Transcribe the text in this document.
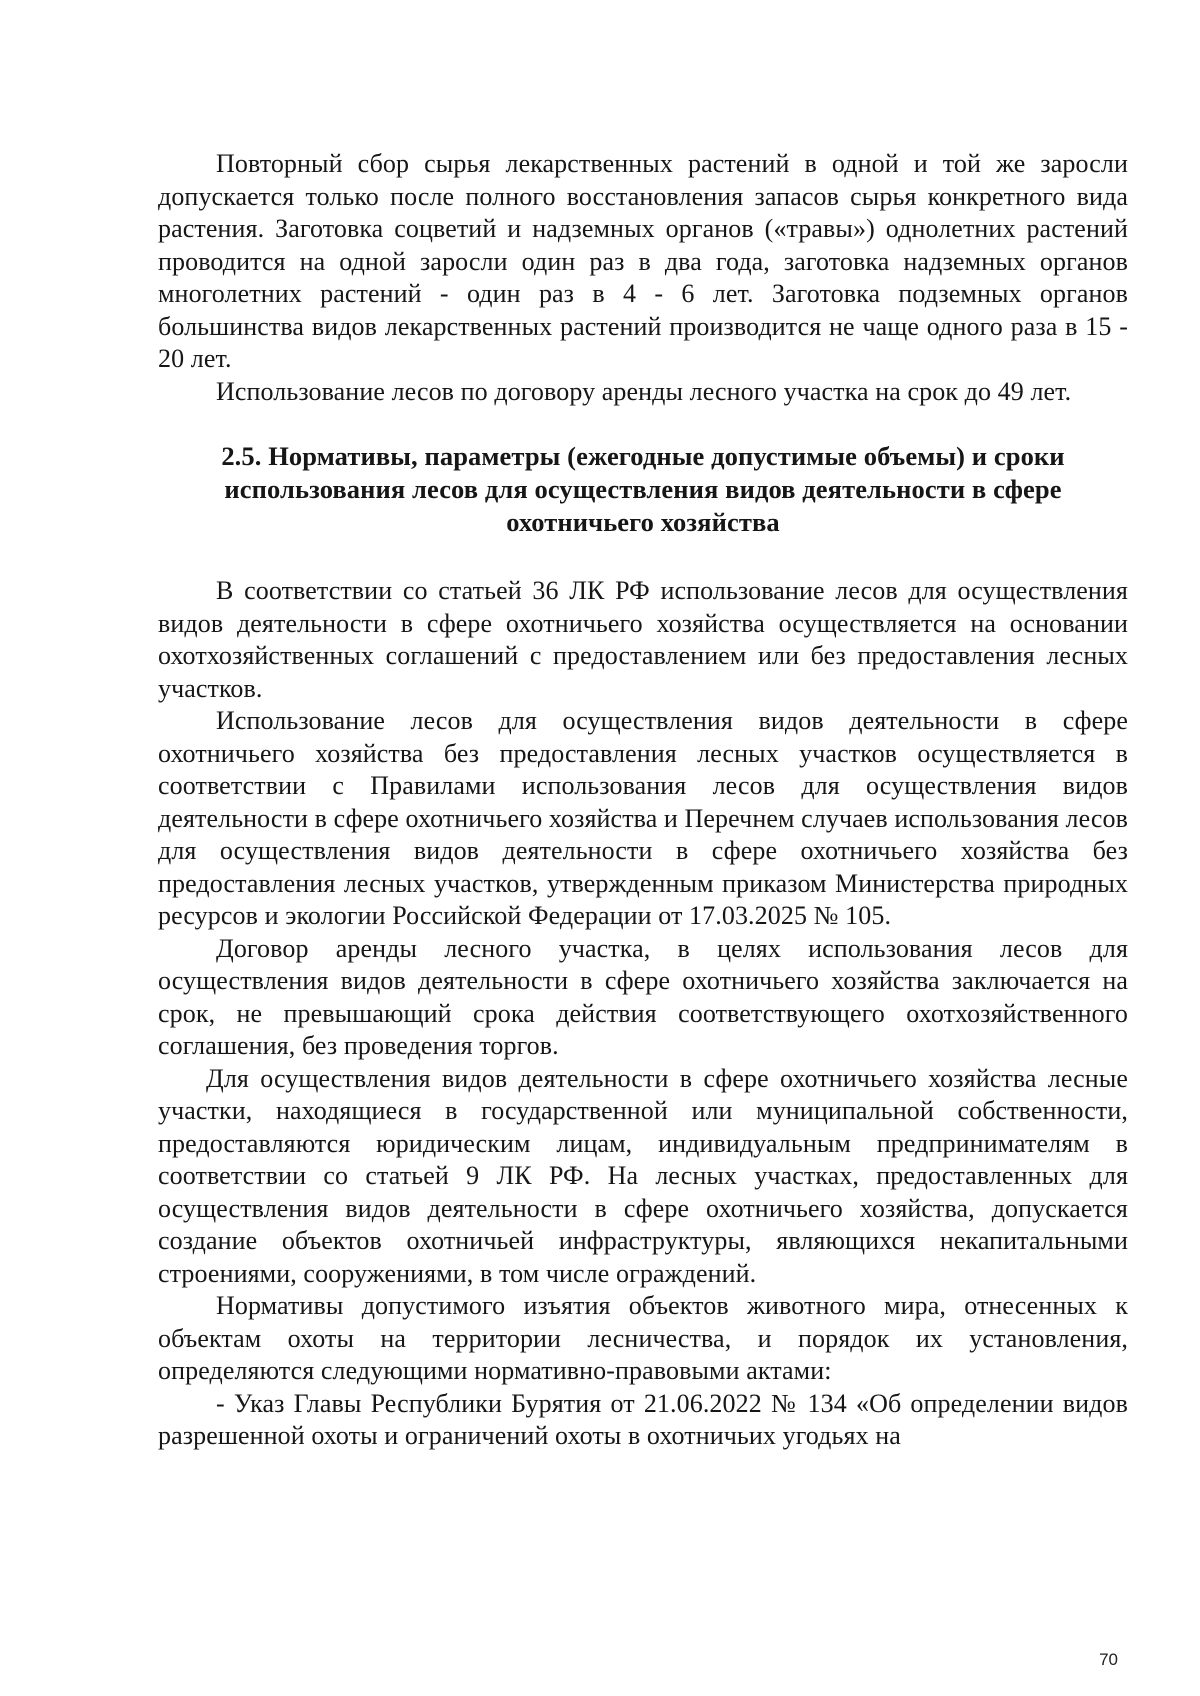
Повторный сбор сырья лекарственных растений в одной и той же заросли допускается только после полного восстановления запасов сырья конкретного вида растения. Заготовка соцветий и надземных органов («травы») однолетних растений проводится на одной заросли один раз в два года, заготовка надземных органов многолетних растений - один раз в 4 - 6 лет. Заготовка подземных органов большинства видов лекарственных растений производится не чаще одного раза в 15 - 20 лет.

Использование лесов по договору аренды лесного участка на срок до 49 лет.

2.5. Нормативы, параметры (ежегодные допустимые объемы) и сроки использования лесов для осуществления видов деятельности в сфере охотничьего хозяйства

В соответствии со статьей 36 ЛК РФ использование лесов для осуществления видов деятельности в сфере охотничьего хозяйства осуществляется на основании охотхозяйственных соглашений с предоставлением или без предоставления лесных участков.

Использование лесов для осуществления видов деятельности в сфере охотничьего хозяйства без предоставления лесных участков осуществляется в соответствии с Правилами использования лесов для осуществления видов деятельности в сфере охотничьего хозяйства и Перечнем случаев использования лесов для осуществления видов деятельности в сфере охотничьего хозяйства без предоставления лесных участков, утвержденным приказом Министерства природных ресурсов и экологии Российской Федерации от 17.03.2025 № 105.

Договор аренды лесного участка, в целях использования лесов для осуществления видов деятельности в сфере охотничьего хозяйства заключается на срок, не превышающий срока действия соответствующего охотхозяйственного соглашения, без проведения торгов.

Для осуществления видов деятельности в сфере охотничьего хозяйства лесные участки, находящиеся в государственной или муниципальной собственности, предоставляются юридическим лицам, индивидуальным предпринимателям в соответствии со статьей 9 ЛК РФ. На лесных участках, предоставленных для осуществления видов деятельности в сфере охотничьего хозяйства, допускается создание объектов охотничьей инфраструктуры, являющихся некапитальными строениями, сооружениями, в том числе ограждений.

Нормативы допустимого изъятия объектов животного мира, отнесенных к объектам охоты на территории лесничества, и порядок их установления, определяются следующими нормативно-правовыми актами:

- Указ Главы Республики Бурятия от 21.06.2022 № 134 «Об определении видов разрешенной охоты и ограничений охоты в охотничьих угодьях на

70
